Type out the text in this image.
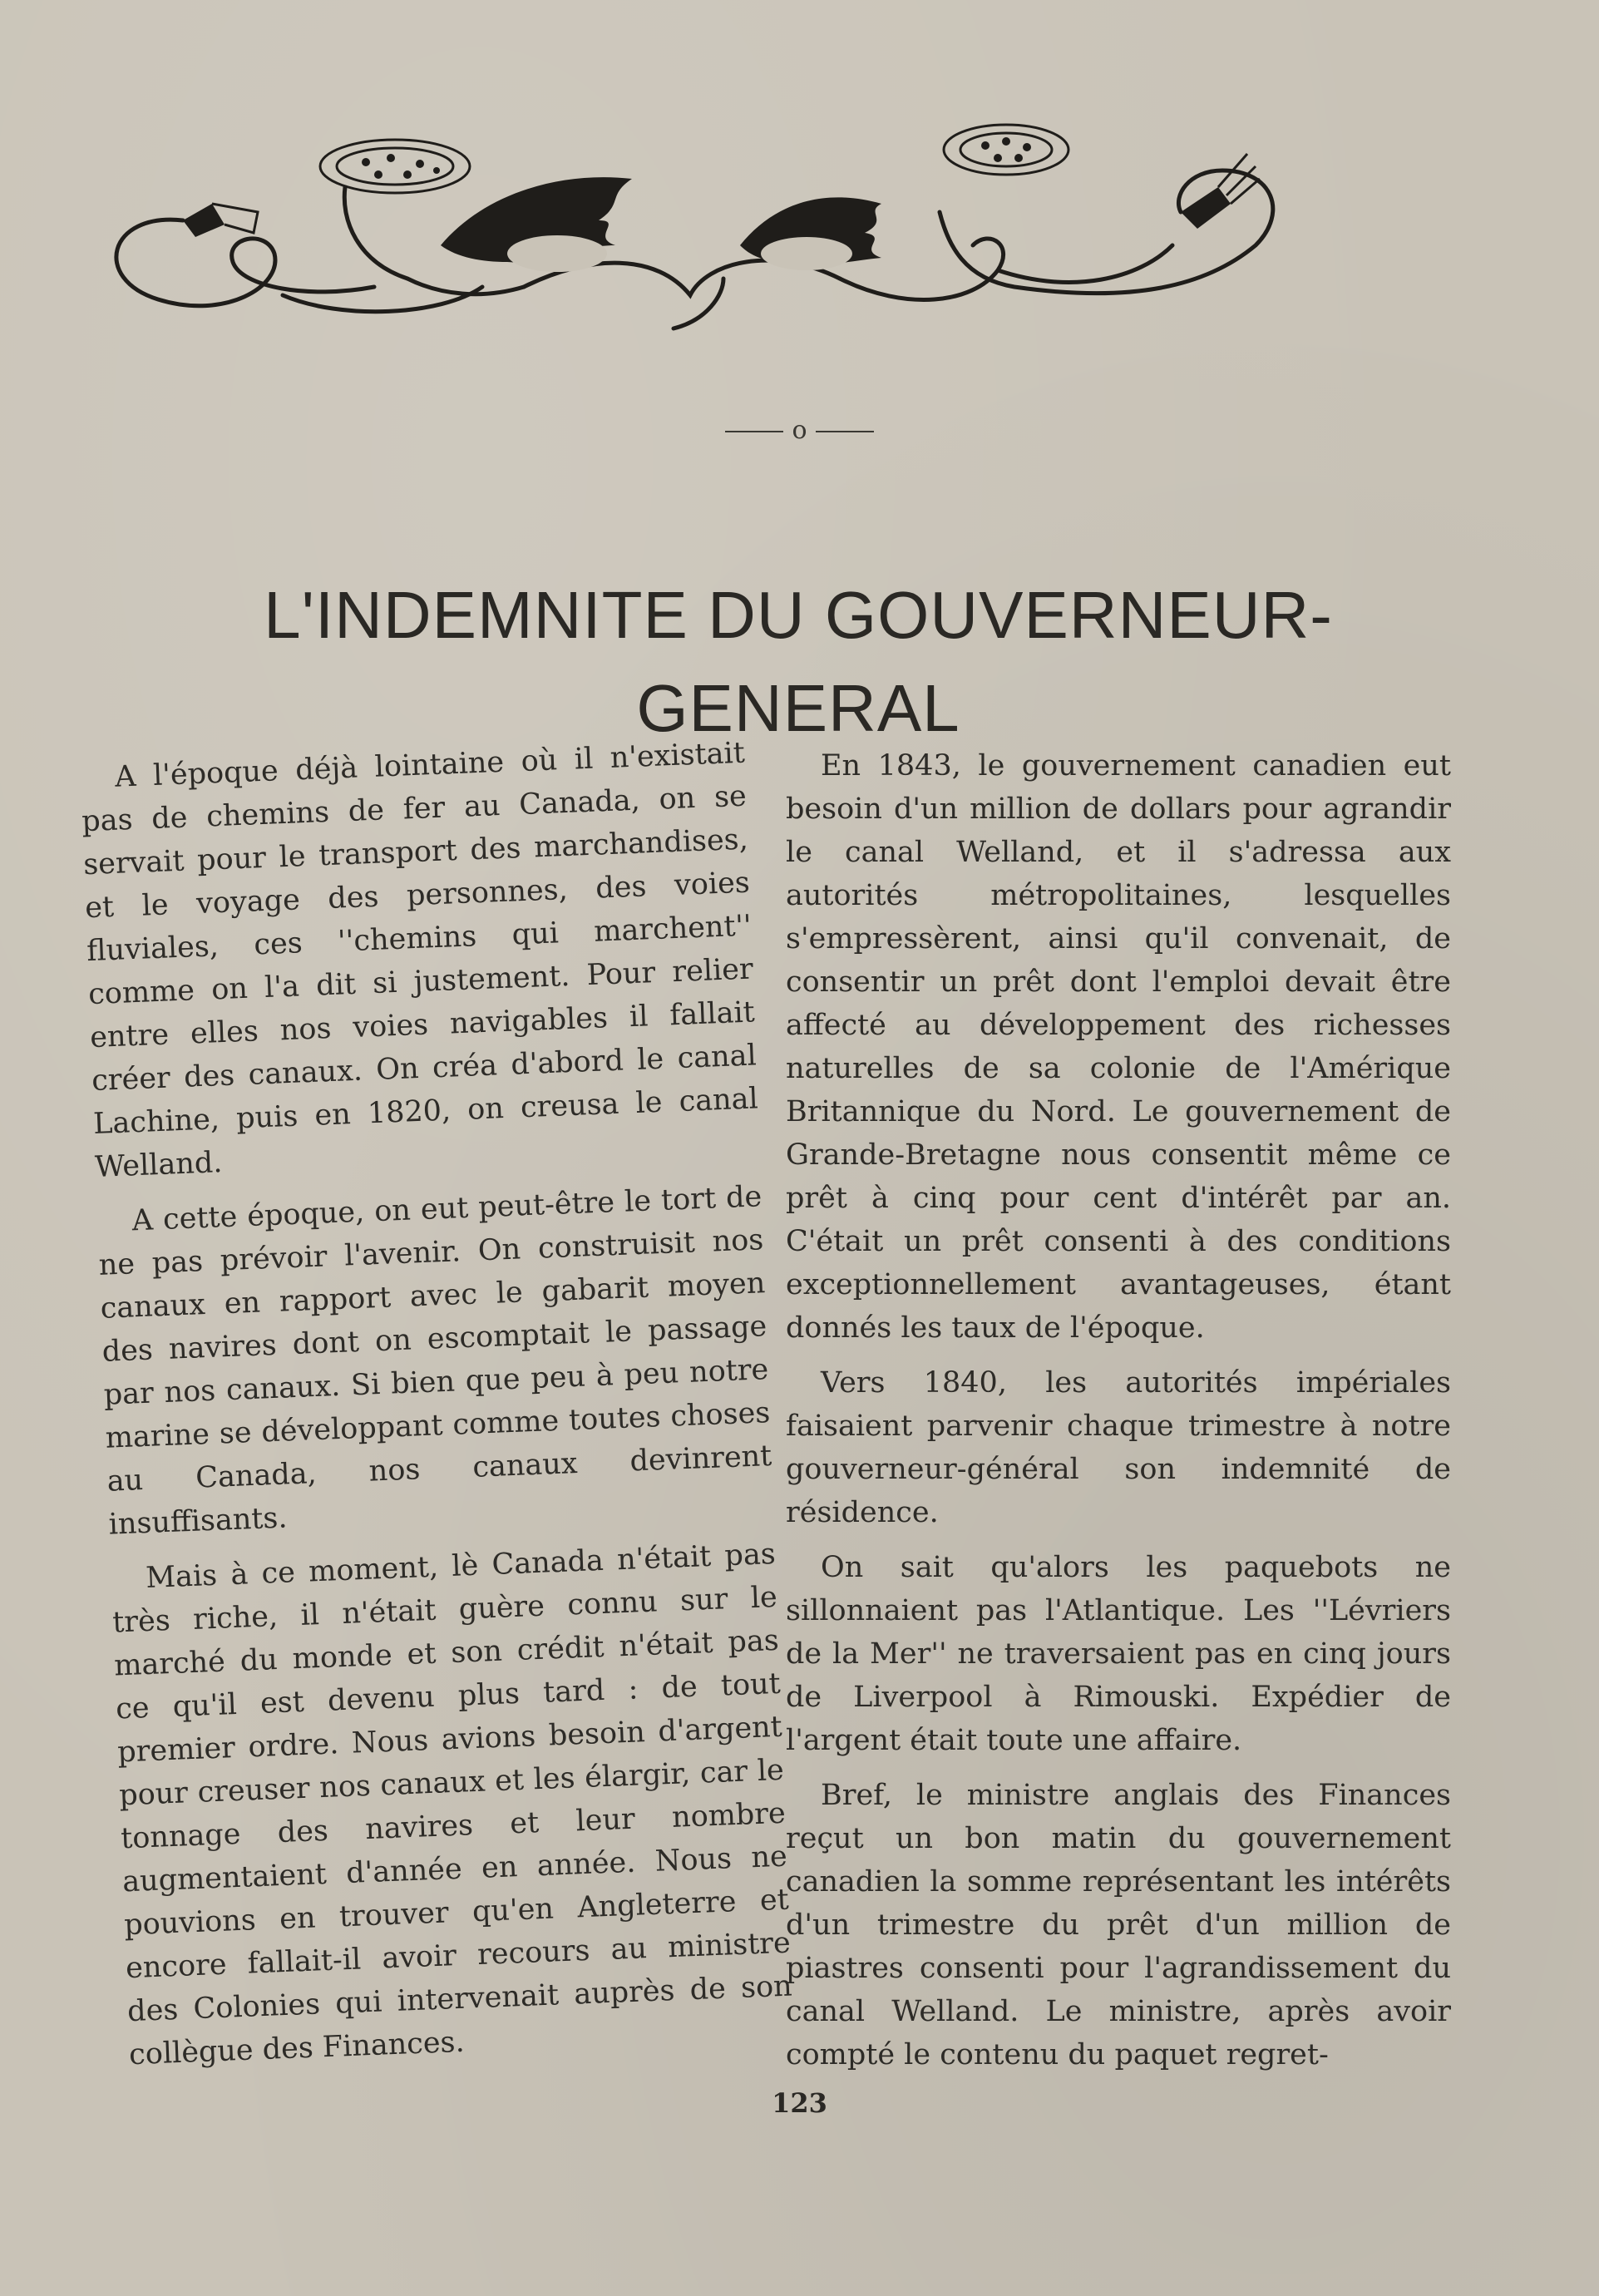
o
L'INDEMNITE DU GOUVERNEUR-
GENERAL

A l'époque déjà lointaine où il n'existait pas de chemins de fer au Canada, on se servait pour le transport des marchandises, et le voyage des personnes, des voies fluviales, ces ''chemins qui marchent'' comme on l'a dit si justement. Pour relier entre elles nos voies navigables il fallait créer des canaux. On créa d'abord le canal Lachine, puis en 1820, on creusa le canal Welland.

A cette époque, on eut peut-être le tort de ne pas prévoir l'avenir. On construisit nos canaux en rapport avec le gabarit moyen des navires dont on escomptait le passage par nos canaux. Si bien que peu à peu notre marine se développant comme toutes choses au Canada, nos canaux devinrent insuffisants.

Mais à ce moment, lè Canada n'était pas très riche, il n'était guère connu sur le marché du monde et son crédit n'était pas ce qu'il est devenu plus tard : de tout premier ordre. Nous avions besoin d'argent pour creuser nos canaux et les élargir, car le tonnage des navires et leur nombre augmentaient d'année en année. Nous ne pouvions en trouver qu'en Angleterre et encore fallait-il avoir recours au ministre des Colonies qui intervenait auprès de son collègue des Finances.

En 1843, le gouvernement canadien eut besoin d'un million de dollars pour agrandir le canal Welland, et il s'adressa aux autorités métropolitaines, lesquelles s'empressèrent, ainsi qu'il convenait, de consentir un prêt dont l'emploi devait être affecté au développement des richesses naturelles de sa colonie de l'Amérique Britannique du Nord. Le gouvernement de Grande-Bretagne nous consentit même ce prêt à cinq pour cent d'intérêt par an. C'était un prêt consenti à des conditions exceptionnellement avantageuses, étant donnés les taux de l'époque.

Vers 1840, les autorités impériales faisaient parvenir chaque trimestre à notre gouverneur-général son indemnité de résidence.

On sait qu'alors les paquebots ne sillonnaient pas l'Atlantique. Les ''Lévriers de la Mer'' ne traversaient pas en cinq jours de Liverpool à Rimouski. Expédier de l'argent était toute une affaire.

Bref, le ministre anglais des Finances reçut un bon matin du gouvernement canadien la somme représentant les intérêts d'un trimestre du prêt d'un million de piastres consenti pour l'agrandissement du canal Welland. Le ministre, après avoir compté le contenu du paquet regret-

123
